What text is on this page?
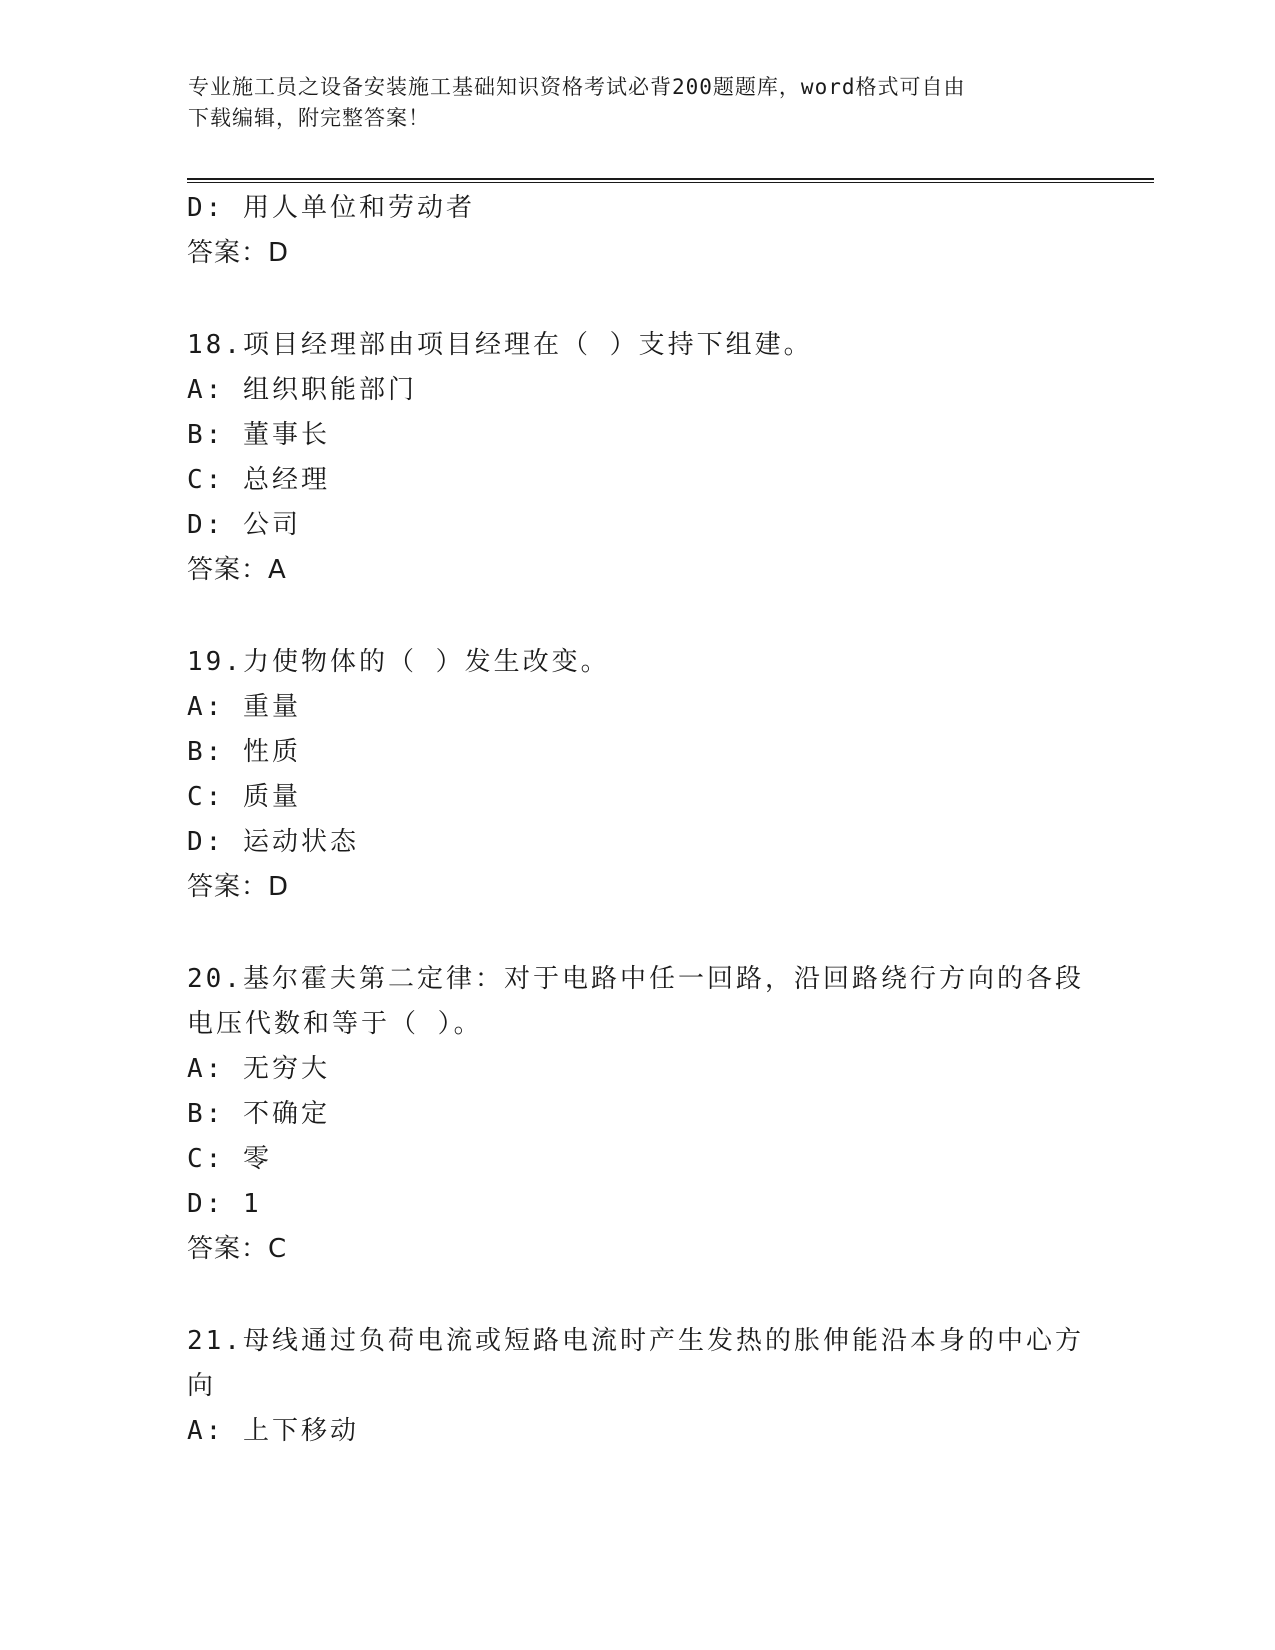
专业施工员之设备安装施工基础知识资格考试必背200题题库，word格式可自由
下载编辑，附完整答案！
D: 用人单位和劳动者
答案：D
18.项目经理部由项目经理在（ ）支持下组建。
A: 组织职能部门
B: 董事长
C: 总经理
D: 公司
答案：A
19.力使物体的（ ）发生改变。
A: 重量
B: 性质
C: 质量
D: 运动状态
答案：D
20.基尔霍夫第二定律：对于电路中任一回路，沿回路绕行方向的各段
电压代数和等于（ ）。
A: 无穷大
B: 不确定
C: 零
D: 1
答案：C
21.母线通过负荷电流或短路电流时产生发热的胀伸能沿本身的中心方
向
A: 上下移动
